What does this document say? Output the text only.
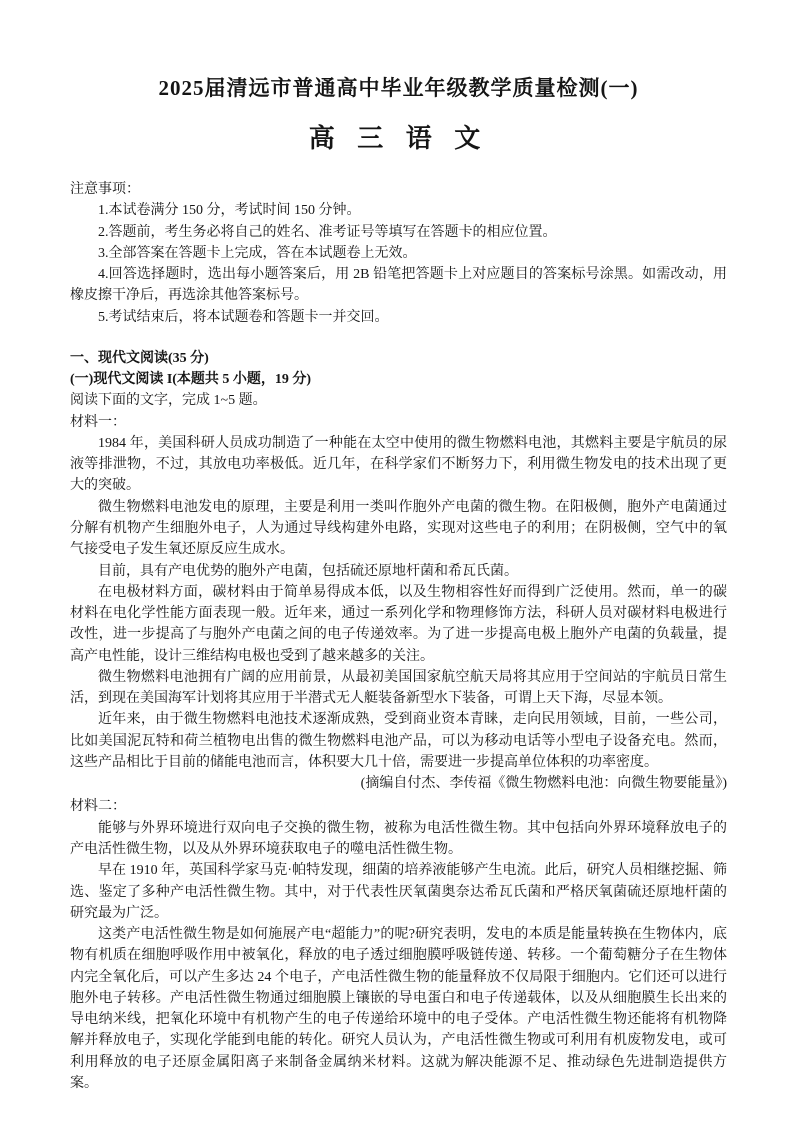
2025届清远市普通高中毕业年级教学质量检测(一)
高 三 语 文

注意事项：

1.本试卷满分 150 分，考试时间 150 分钟。

2.答题前，考生务必将自己的姓名、准考证号等填写在答题卡的相应位置。

3.全部答案在答题卡上完成，答在本试题卷上无效。

4.回答选择题时，选出每小题答案后，用 2B 铅笔把答题卡上对应题目的答案标号涂黑。如需改动，用橡皮擦干净后，再选涂其他答案标号。

5.考试结束后，将本试题卷和答题卡一并交回。

一、现代文阅读(35 分)

(一)现代文阅读 I(本题共 5 小题，19 分)

阅读下面的文字，完成 1~5 题。

材料一：

1984 年，美国科研人员成功制造了一种能在太空中使用的微生物燃料电池，其燃料主要是宇航员的尿液等排泄物，不过，其放电功率极低。近几年，在科学家们不断努力下，利用微生物发电的技术出现了更大的突破。

微生物燃料电池发电的原理，主要是利用一类叫作胞外产电菌的微生物。在阳极侧，胞外产电菌通过分解有机物产生细胞外电子，人为通过导线构建外电路，实现对这些电子的利用；在阴极侧，空气中的氧气接受电子发生氧还原反应生成水。

目前，具有产电优势的胞外产电菌，包括硫还原地杆菌和希瓦氏菌。

在电极材料方面，碳材料由于简单易得成本低，以及生物相容性好而得到广泛使用。然而，单一的碳材料在电化学性能方面表现一般。近年来，通过一系列化学和物理修饰方法，科研人员对碳材料电极进行改性，进一步提高了与胞外产电菌之间的电子传递效率。为了进一步提高电极上胞外产电菌的负载量，提高产电性能，设计三维结构电极也受到了越来越多的关注。

微生物燃料电池拥有广阔的应用前景，从最初美国国家航空航天局将其应用于空间站的宇航员日常生活，到现在美国海军计划将其应用于半潜式无人艇装备新型水下装备，可谓上天下海，尽显本领。

近年来，由于微生物燃料电池技术逐渐成熟，受到商业资本青睐，走向民用领域，目前，一些公司，比如美国泥瓦特和荷兰植物电出售的微生物燃料电池产品，可以为移动电话等小型电子设备充电。然而，这些产品相比于目前的储能电池而言，体积要大几十倍，需要进一步提高单位体积的功率密度。

(摘编自付杰、李传福《微生物燃料电池：向微生物要能量》)

材料二：

能够与外界环境进行双向电子交换的微生物，被称为电活性微生物。其中包括向外界环境释放电子的产电活性微生物，以及从外界环境获取电子的噬电活性微生物。

早在 1910 年，英国科学家马克·帕特发现，细菌的培养液能够产生电流。此后，研究人员相继挖掘、筛选、鉴定了多种产电活性微生物。其中，对于代表性厌氧菌奥奈达希瓦氏菌和严格厌氧菌硫还原地杆菌的研究最为广泛。

这类产电活性微生物是如何施展产电“超能力”的呢?研究表明，发电的本质是能量转换在生物体内，底物有机质在细胞呼吸作用中被氧化，释放的电子透过细胞膜呼吸链传递、转移。一个葡萄糖分子在生物体内完全氧化后，可以产生多达 24 个电子，产电活性微生物的能量释放不仅局限于细胞内。它们还可以进行胞外电子转移。产电活性微生物通过细胞膜上镶嵌的导电蛋白和电子传递载体，以及从细胞膜生长出来的导电纳米线，把氧化环境中有机物产生的电子传递给环境中的电子受体。产电活性微生物还能将有机物降解并释放电子，实现化学能到电能的转化。研究人员认为，产电活性微生物或可利用有机废物发电，或可利用释放的电子还原金属阳离子来制备金属纳米材料。这就为解决能源不足、推动绿色先进制造提供方案。
